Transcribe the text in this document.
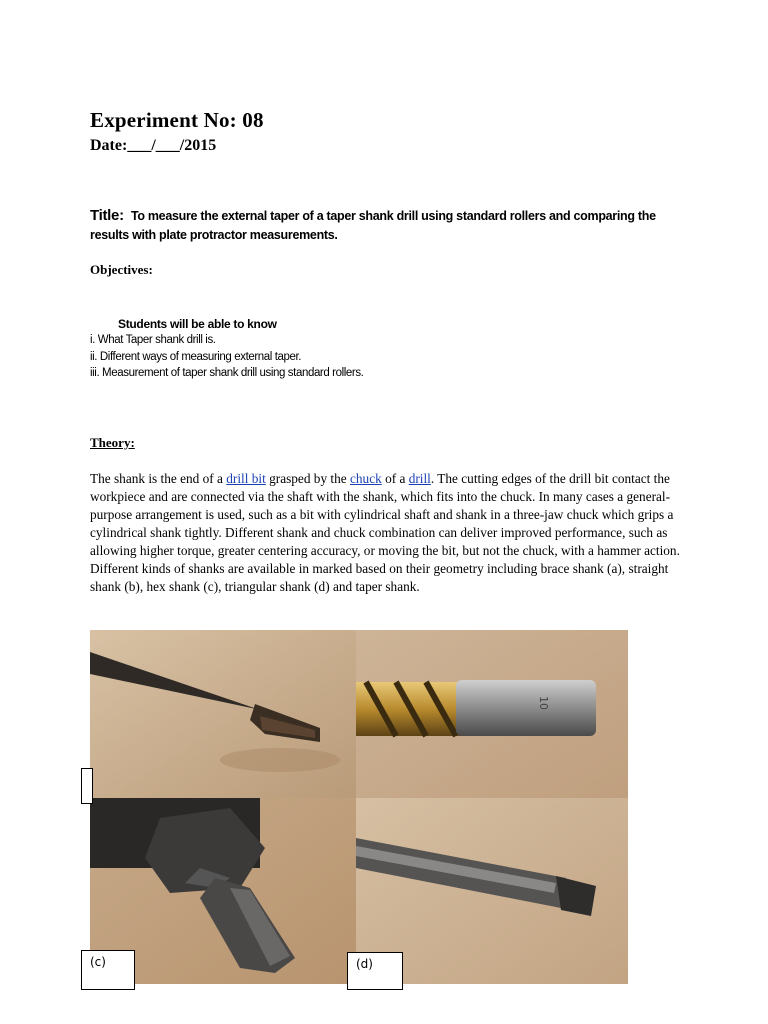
Experiment No: 08
Date:___/___/2015
Title: To measure the external taper of a taper shank drill using standard rollers and comparing the results with plate protractor measurements.
Objectives:
Students will be able to know
i. What Taper shank drill is.
ii. Different ways of measuring external taper.
iii. Measurement of taper shank drill using standard rollers.
Theory:
The shank is the end of a drill bit grasped by the chuck of a drill. The cutting edges of the drill bit contact the workpiece and are connected via the shaft with the shank, which fits into the chuck. In many cases a general-purpose arrangement is used, such as a bit with cylindrical shaft and shank in a three-jaw chuck which grips a cylindrical shank tightly. Different shank and chuck combination can deliver improved performance, such as allowing higher torque, greater centering accuracy, or moving the bit, but not the chuck, with a hammer action.
Different kinds of shanks are available in marked based on their geometry including brace shank (a), straight shank (b), hex shank (c), triangular shank (d) and taper shank.
10
(c)	(d)
